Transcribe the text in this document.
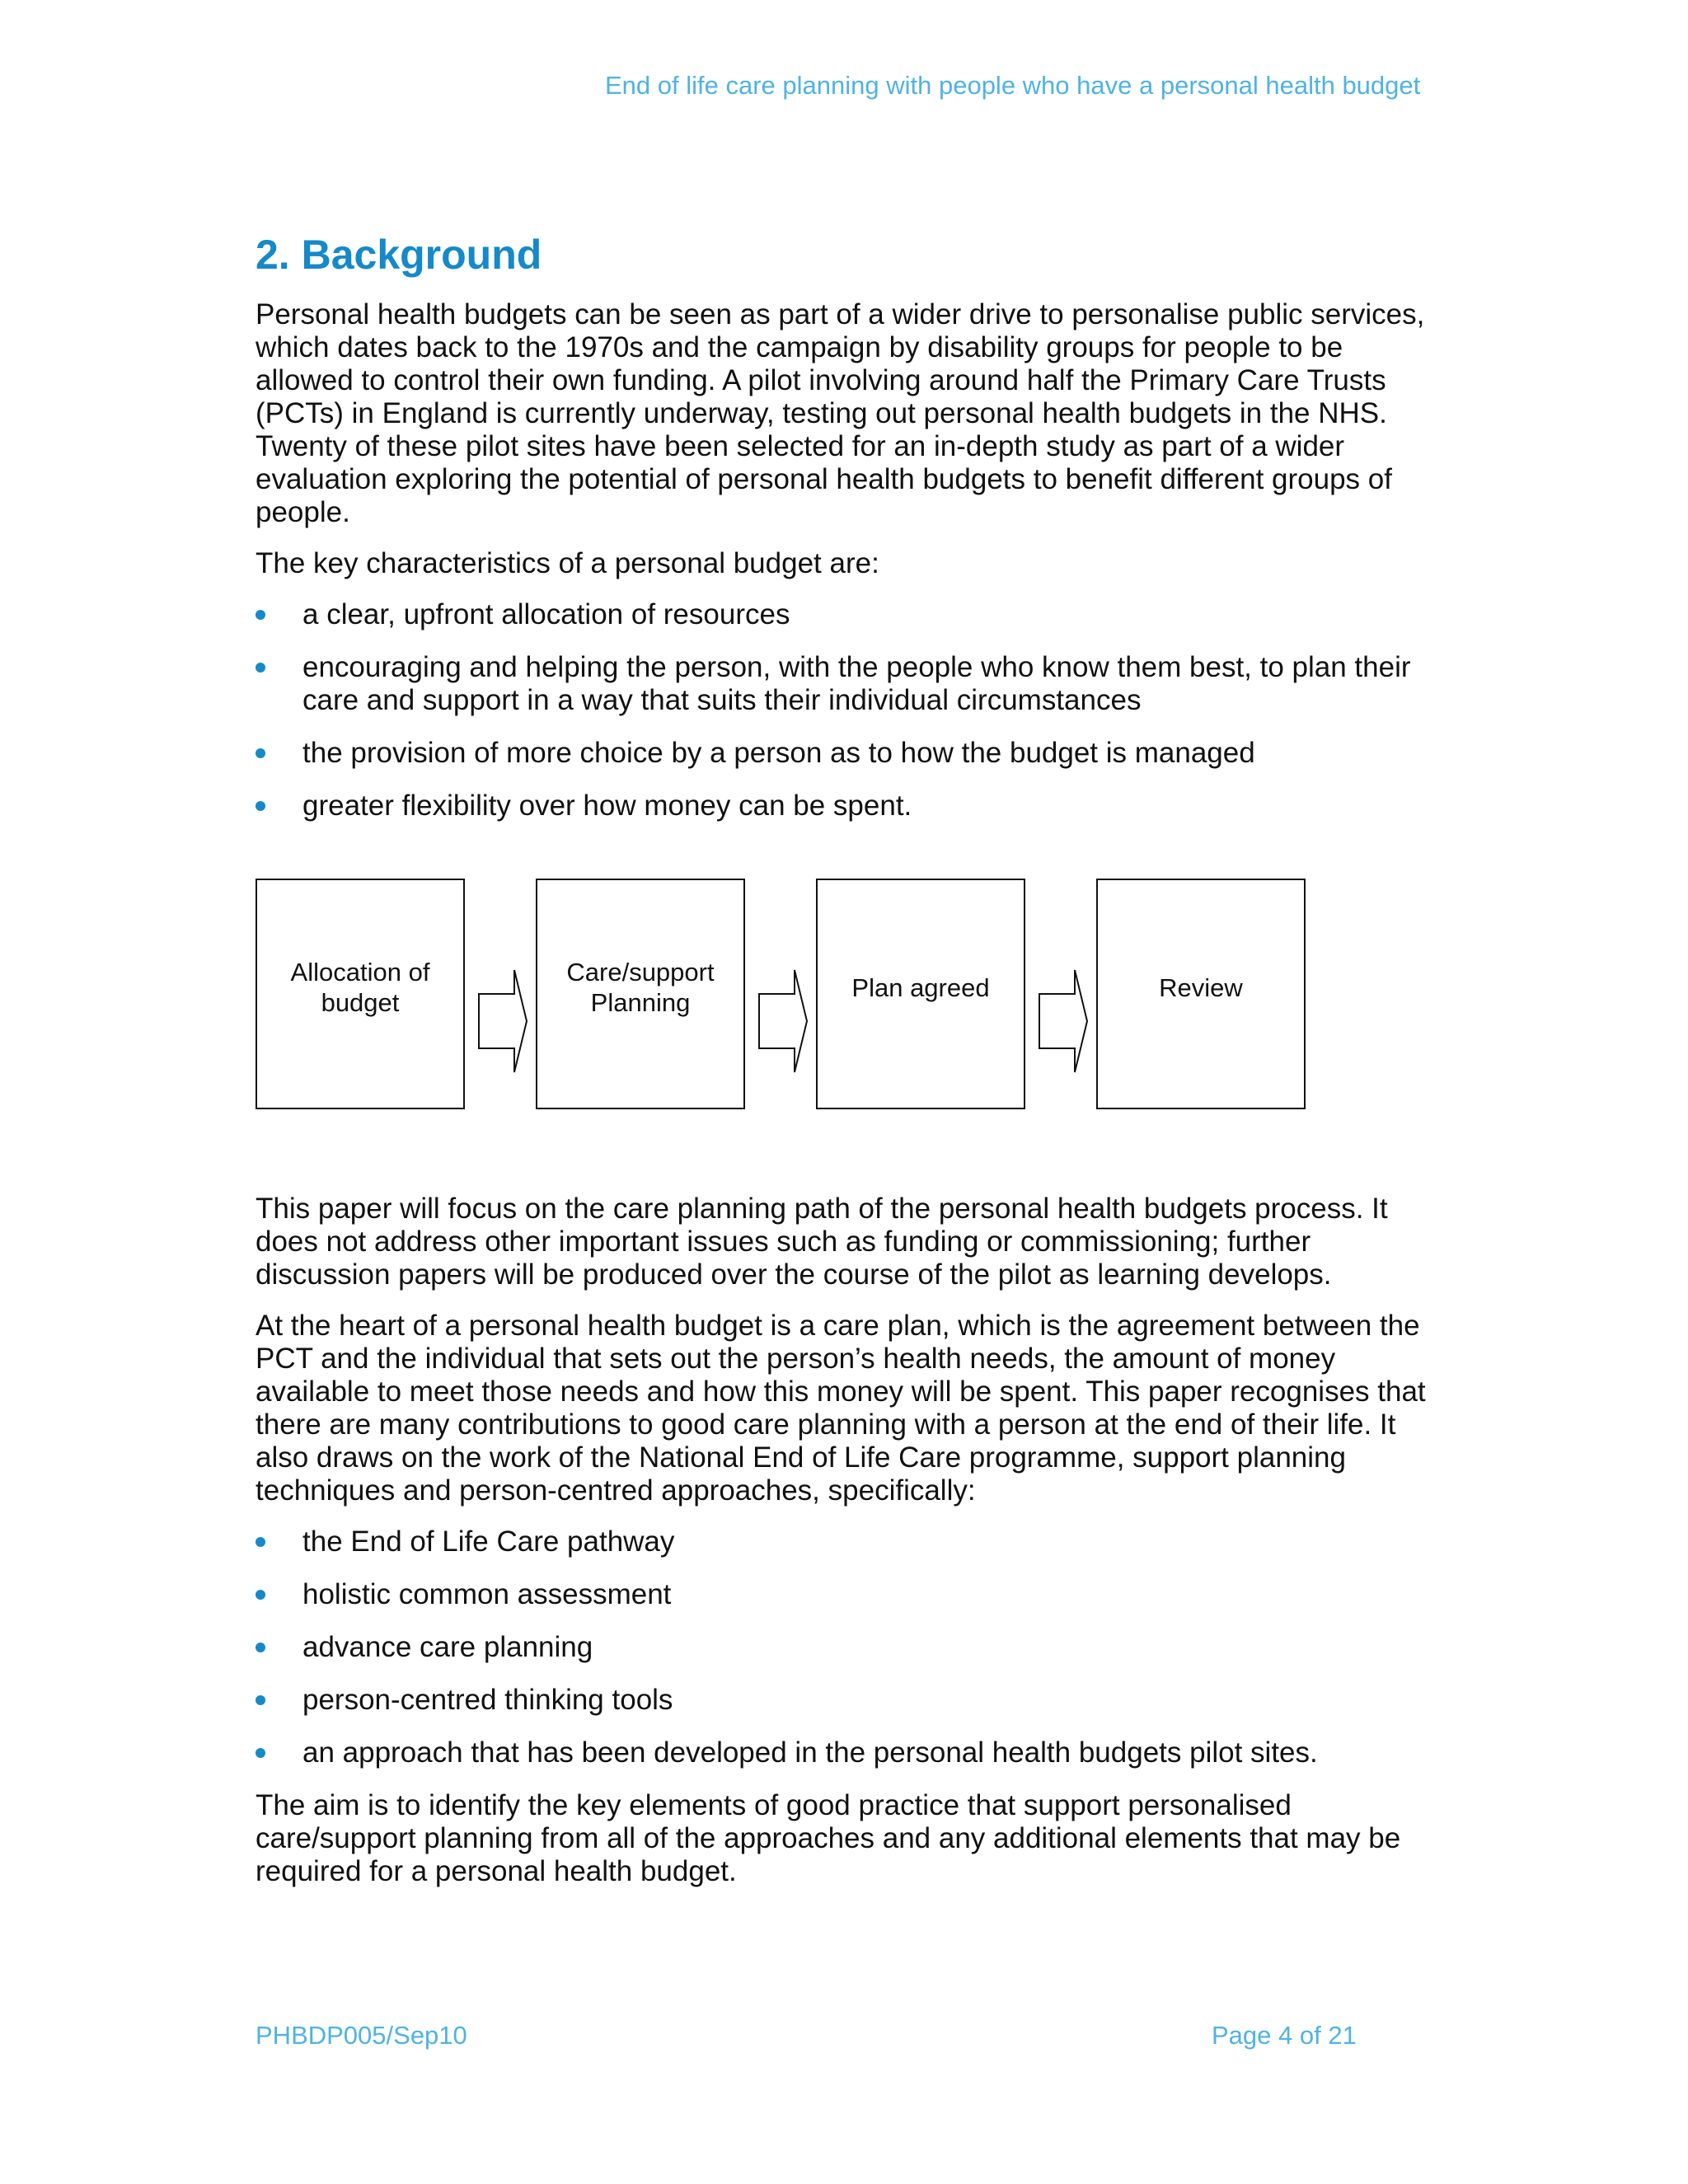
End of life care planning with people who have a personal health budget
2. Background

Personal health budgets can be seen as part of a wider drive to personalise public services, which dates back to the 1970s and the campaign by disability groups for people to be allowed to control their own funding. A pilot involving around half the Primary Care Trusts (PCTs) in England is currently underway, testing out personal health budgets in the NHS. Twenty of these pilot sites have been selected for an in-depth study as part of a wider evaluation exploring the potential of personal health budgets to benefit different groups of people.

The key characteristics of a personal budget are:

a clear, upfront allocation of resources
encouraging and helping the person, with the people who know them best, to plan their care and support in a way that suits their individual circumstances
the provision of more choice by a person as to how the budget is managed
greater flexibility over how money can be spent.
Allocation of budget
Care/support Planning
Plan agreed	Review

This paper will focus on the care planning path of the personal health budgets process. It does not address other important issues such as funding or commissioning; further discussion papers will be produced over the course of the pilot as learning develops.

At the heart of a personal health budget is a care plan, which is the agreement between the PCT and the individual that sets out the person’s health needs, the amount of money available to meet those needs and how this money will be spent. This paper recognises that there are many contributions to good care planning with a person at the end of their life. It also draws on the work of the National End of Life Care programme, support planning techniques and person-centred approaches, specifically:

the End of Life Care pathway
holistic common assessment
advance care planning
person-centred thinking tools
an approach that has been developed in the personal health budgets pilot sites.

The aim is to identify the key elements of good practice that support personalised care/support planning from all of the approaches and any additional elements that may be required for a personal health budget.

PHBDP005/Sep10	Page 4 of 21
